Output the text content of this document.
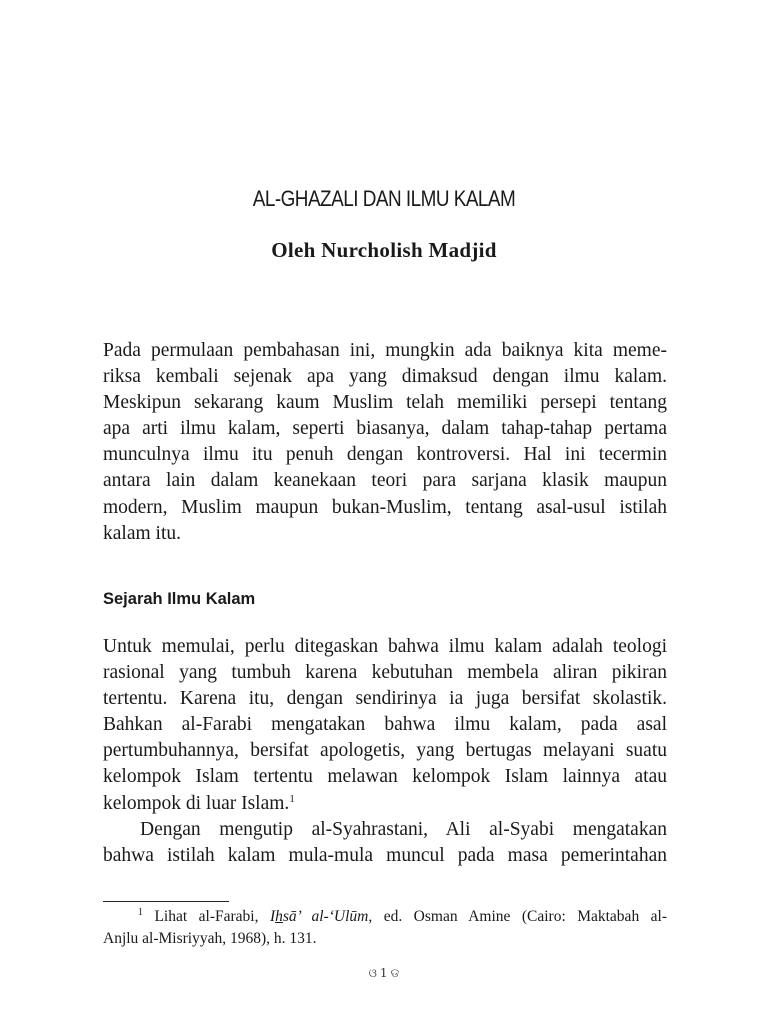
AL-GHAZALI DAN ILMU KALAM
Oleh Nurcholish Madjid
Pada permulaan pembahasan ini, mungkin ada baiknya kita meme-
riksa kembali sejenak apa yang dimaksud dengan ilmu kalam.
Meskipun sekarang kaum Muslim telah memiliki persepi tentang
apa arti ilmu kalam, seperti biasanya, dalam tahap-tahap pertama
munculnya ilmu itu penuh dengan kontroversi. Hal ini tecermin
antara lain dalam keanekaan teori para sarjana klasik maupun
modern, Muslim maupun bukan-Muslim, tentang asal-usul istilah
kalam itu.
Sejarah Ilmu Kalam
Untuk memulai, perlu ditegaskan bahwa ilmu kalam adalah teologi
rasional yang tumbuh karena kebutuhan membela aliran pikiran
tertentu. Karena itu, dengan sendirinya ia juga bersifat skolastik.
Bahkan al-Farabi mengatakan bahwa ilmu kalam, pada asal
pertumbuhannya, bersifat apologetis, yang bertugas melayani suatu
kelompok Islam tertentu melawan kelompok Islam lainnya atau
kelompok di luar Islam.$^1$
Dengan mengutip al-Syahrastani, Ali al-Syabi mengatakan
bahwa istilah kalam mula-mula muncul pada masa pemerintahan
$^1$ Lihat al-Farabi, Ihsā’ al-‘Ulūm, ed. Osman Amine (Cairo: Maktabah al-
Anjlu al-Misriyyah, 1968), h. 131.
ଓ 1 ଡ
